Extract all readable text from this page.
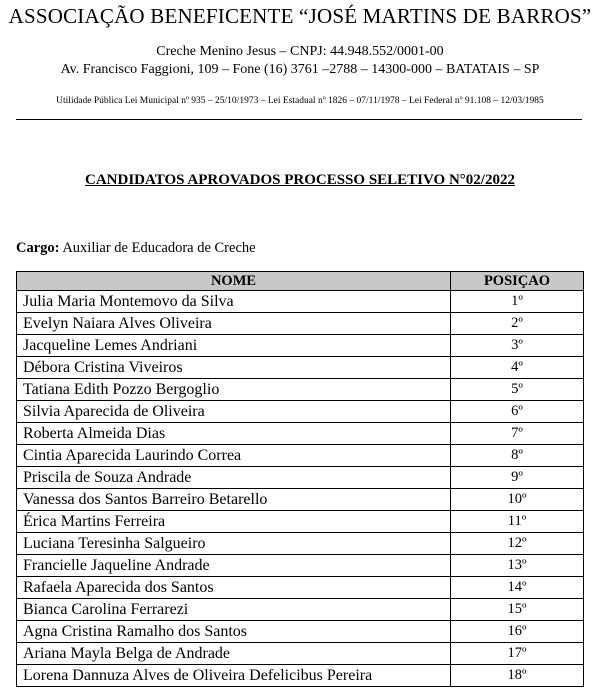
ASSOCIAÇÃO BENEFICENTE “JOSÉ MARTINS DE BARROS”
Creche Menino Jesus – CNPJ: 44.948.552/0001-00
Av. Francisco Faggioni, 109 – Fone (16) 3761 –2788 – 14300-000 – BATATAIS – SP
Utilidade Pública Lei Municipal nº 935 – 25/10/1973 – Lei Estadual nº 1826 – 07/11/1978 – Lei Federal nº 91.108 – 12/03/1985
CANDIDATOS APROVADOS PROCESSO SELETIVO N°02/2022
Cargo: Auxiliar de Educadora de Creche
NOME	POSIÇAO
Julia Maria Montemovo da Silva	1º
Evelyn Naiara Alves Oliveira	2º
Jacqueline Lemes Andriani	3º
Débora Cristina Viveiros	4º
Tatiana Edith Pozzo Bergoglio	5º
Silvia Aparecida de Oliveira	6º
Roberta Almeida Dias	7º
Cintia Aparecida Laurindo Correa	8º
Priscila de Souza Andrade	9º
Vanessa dos Santos Barreiro Betarello	10º
Érica Martins Ferreira	11º
Luciana Teresinha Salgueiro	12º
Francielle Jaqueline Andrade	13º
Rafaela Aparecida dos Santos	14º
Bianca Carolina Ferrarezi	15º
Agna Cristina Ramalho dos Santos	16º
Ariana Mayla Belga de Andrade	17º
Lorena Dannuza Alves de Oliveira Defelicibus Pereira	18º
